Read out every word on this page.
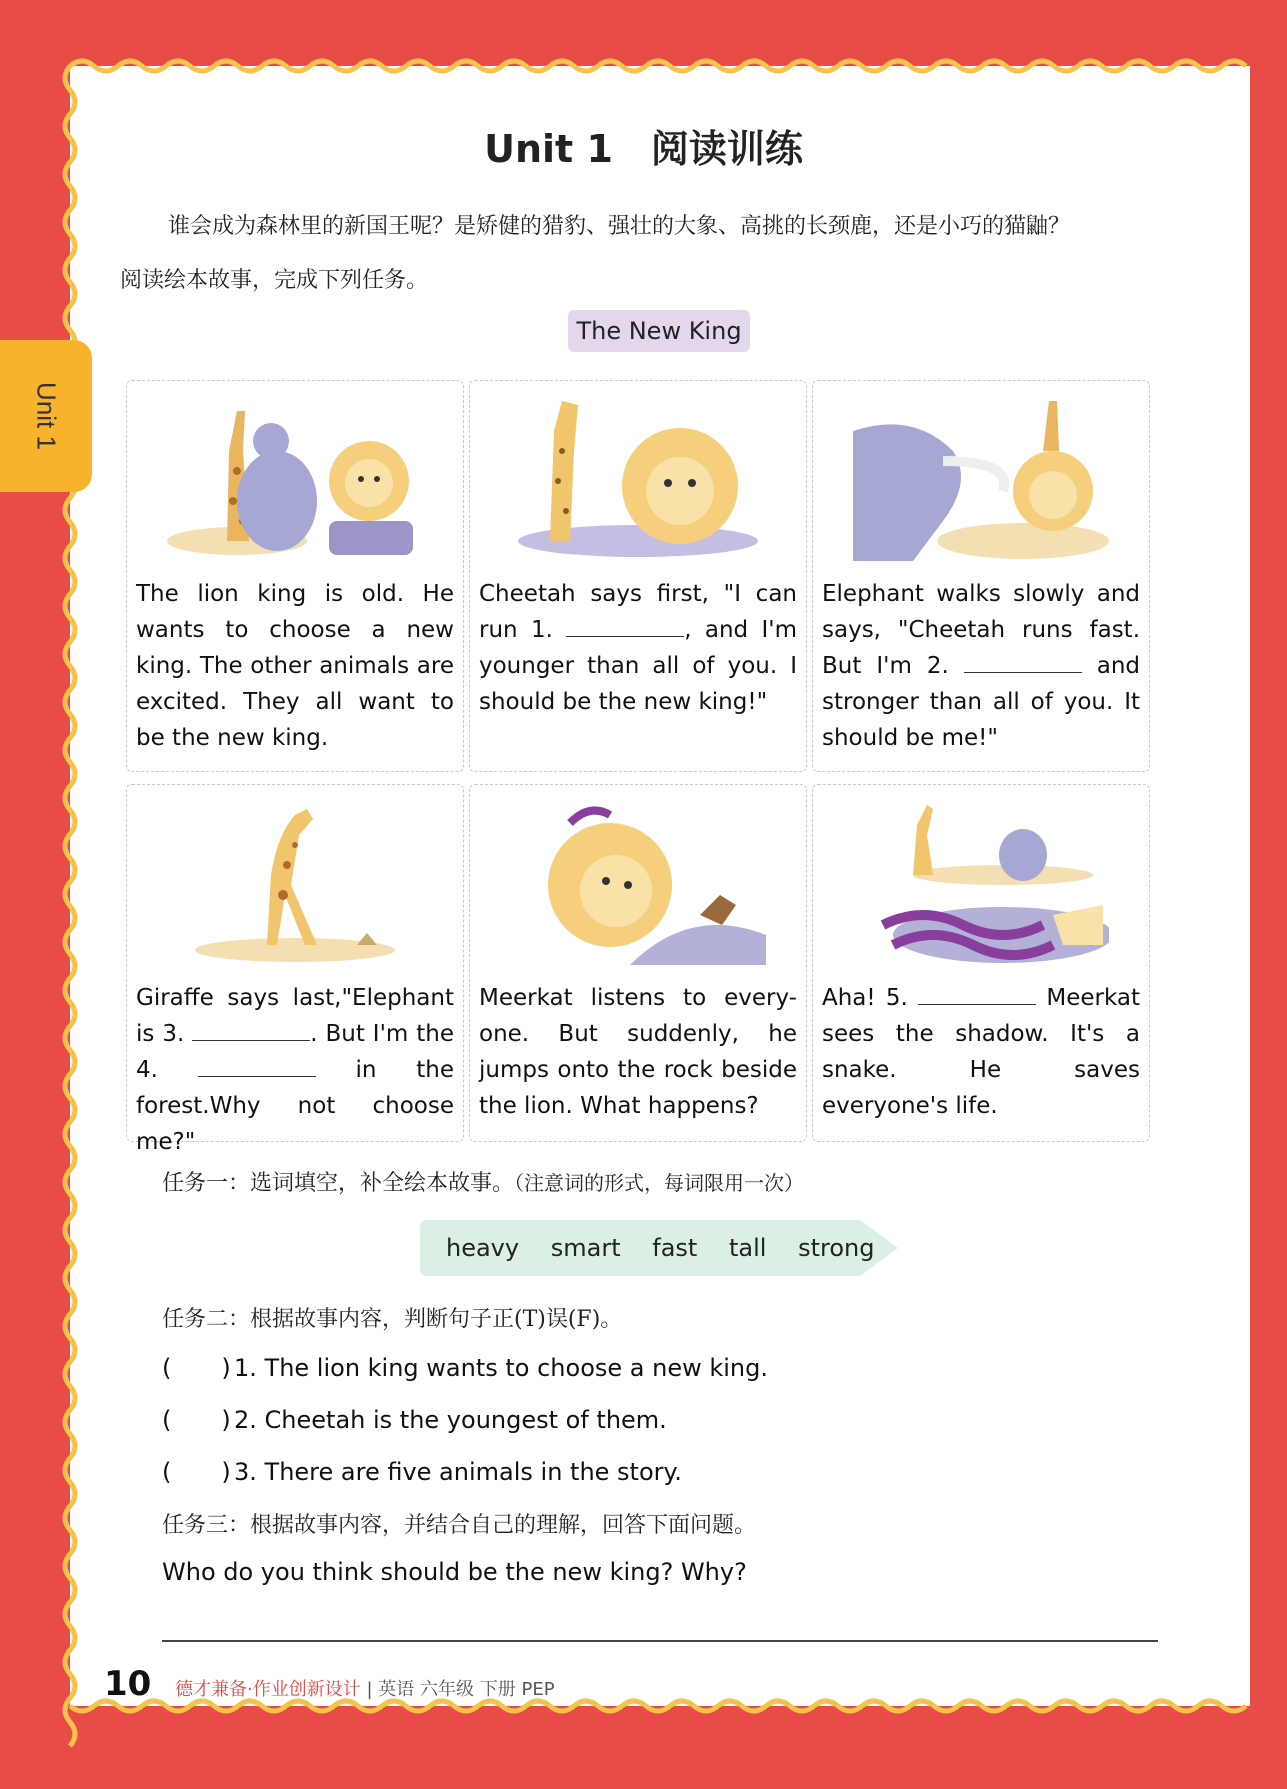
Unit 1
Unit 1　阅读训练

谁会成为森林里的新国王呢？是矫健的猎豹、强壮的大象、高挑的长颈鹿，还是小巧的猫鼬？

阅读绘本故事，完成下列任务。

The New King
The lion king is old. He wants to choose a new king. The other animals are excited. They all want to be the new king.
Cheetah says first, "I can run 1.	, and I'm younger than all of you. I should be the new king!"
Elephant walks slowly and says, "Cheetah runs fast. But I'm 2.	and stronger than all of you. It should be me!"
Giraffe says last,"Elephant is 3.	. But I'm the 4.	in the forest.Why not choose me?"
Meerkat listens to every-one. But suddenly, he jumps onto the rock beside the lion. What happens?
Aha! 5.	Meerkat sees the shadow. It's a snake. He saves everyone's life.
任务一：选词填空，补全绘本故事。（注意词的形式，每词限用一次）
heavy smart fast tall strong
任务二：根据故事内容，判断句子正(T)误(F)。
( ) 1. The lion king wants to choose a new king.
( ) 2. Cheetah is the youngest of them.
( ) 3. There are five animals in the story.
任务三：根据故事内容，并结合自己的理解，回答下面问题。
Who do you think should be the new king? Why?
10 德才兼备·作业创新设计 | 英语 六年级 下册 PEP
